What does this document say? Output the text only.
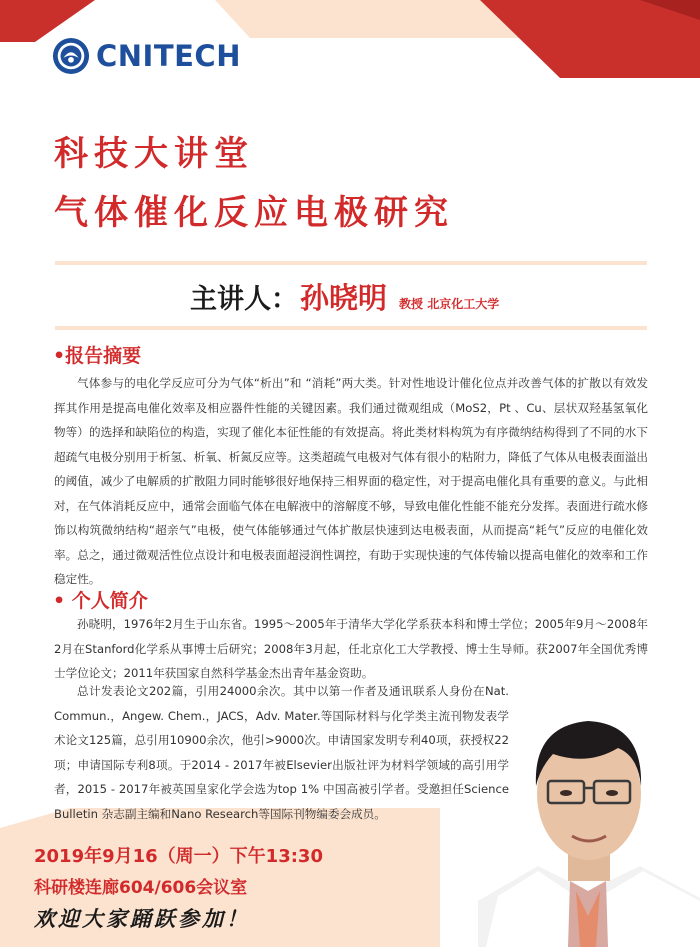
CNITECH
科技大讲堂
气体催化反应电极研究
主讲人： 孙晓明 教授 北京化工大学
•报告摘要
气体参与的电化学反应可分为气体“析出”和 “消耗”两大类。针对性地设计催化位点并改善气体的扩散以有效发挥其作用是提高电催化效率及相应器件性能的关键因素。我们通过微观组成（MoS2，Pt 、Cu、层状双羟基氢氧化物等）的选择和缺陷位的构造，实现了催化本征性能的有效提高。将此类材料构筑为有序微纳结构得到了不同的水下超疏气电极分别用于析氢、析氧、析氮反应等。这类超疏气电极对气体有很小的粘附力，降低了气体从电极表面溢出的阈值，减少了电解质的扩散阻力同时能够很好地保持三相界面的稳定性，对于提高电催化具有重要的意义。与此相对，在气体消耗反应中，通常会面临气体在电解液中的溶解度不够，导致电催化性能不能充分发挥。表面进行疏水修饰以构筑微纳结构“超亲气”电极，使气体能够通过气体扩散层快速到达电极表面，从而提高“耗气”反应的电催化效率。总之，通过微观活性位点设计和电极表面超浸润性调控，有助于实现快速的气体传输以提高电催化的效率和工作稳定性。
• 个人简介
孙晓明，1976年2月生于山东省。1995～2005年于清华大学化学系获本科和博士学位；2005年9月～2008年2月在Stanford化学系从事博士后研究；2008年3月起，任北京化工大学教授、博士生导师。获2007年全国优秀博士学位论文；2011年获国家自然科学基金杰出青年基金资助。
总计发表论文202篇，引用24000余次。其中以第一作者及通讯联系人身份在Nat. Commun.，Angew. Chem.，JACS，Adv. Mater.等国际材料与化学类主流刊物发表学术论文125篇，总引用10900余次，他引>9000次。申请国家发明专利40项，获授权22项；申请国际专利8项。于2014 - 2017年被Elsevier出版社评为材料学领域的高引用学者，2015 - 2017年被英国皇家化学会选为top 1% 中国高被引学者。受邀担任Science Bulletin 杂志副主编和Nano Research等国际刊物编委会成员。
2019年9月16（周一）下午13:30
科研楼连廊604/606会议室
欢迎大家踊跃参加！
